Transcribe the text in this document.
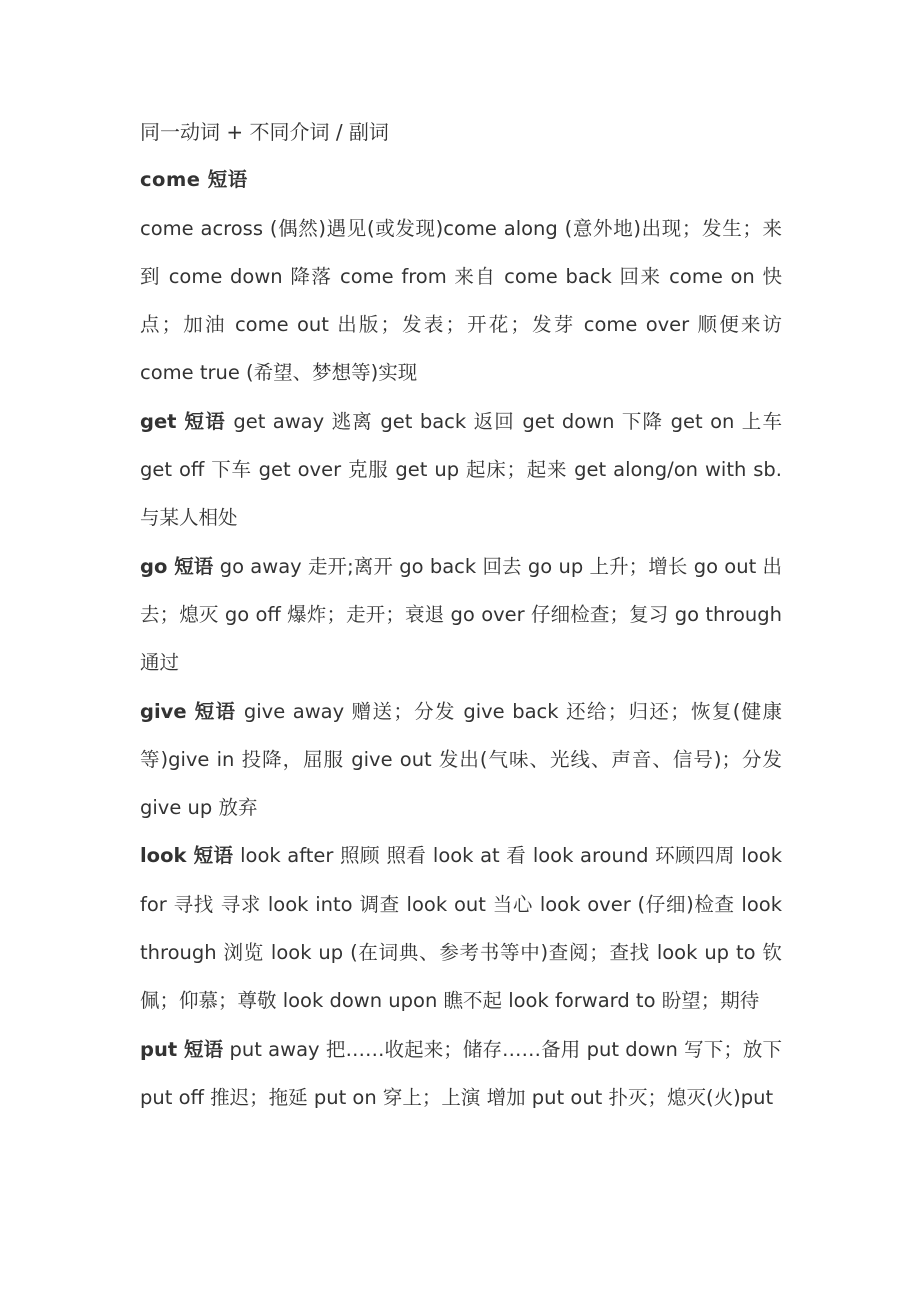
同一动词 + 不同介词 / 副词

come 短语

come across (偶然)遇见(或发现)come along (意外地)出现；发生；来到 come down 降落 come from 来自 come back 回来 come on 快点；加油 come out 出版；发表；开花；发芽 come over 顺便来访 come true (希望、梦想等)实现

get 短语 get away 逃离 get back 返回 get down 下降 get on 上车 get off 下车 get over 克服 get up 起床；起来 get along/on with sb. 与某人相处

go 短语 go away 走开;离开 go back 回去 go up 上升；增长 go out 出去；熄灭 go off 爆炸；走开；衰退 go over 仔细检查；复习 go through 通过

give 短语 give away 赠送；分发 give back 还给；归还；恢复(健康等)give in 投降，屈服 give out 发出(气味、光线、声音、信号)；分发 give up 放弃

look 短语 look after 照顾 照看 look at 看 look around 环顾四周 look for 寻找 寻求 look into 调查 look out 当心 look over (仔细)检查 look through 浏览 look up (在词典、参考书等中)查阅；查找 look up to 钦佩；仰慕；尊敬 look down upon 瞧不起 look forward to 盼望；期待

put 短语 put away 把……收起来；储存……备用 put down 写下；放下 put off 推迟；拖延 put on 穿上；上演 增加 put out 扑灭；熄灭(火)put
